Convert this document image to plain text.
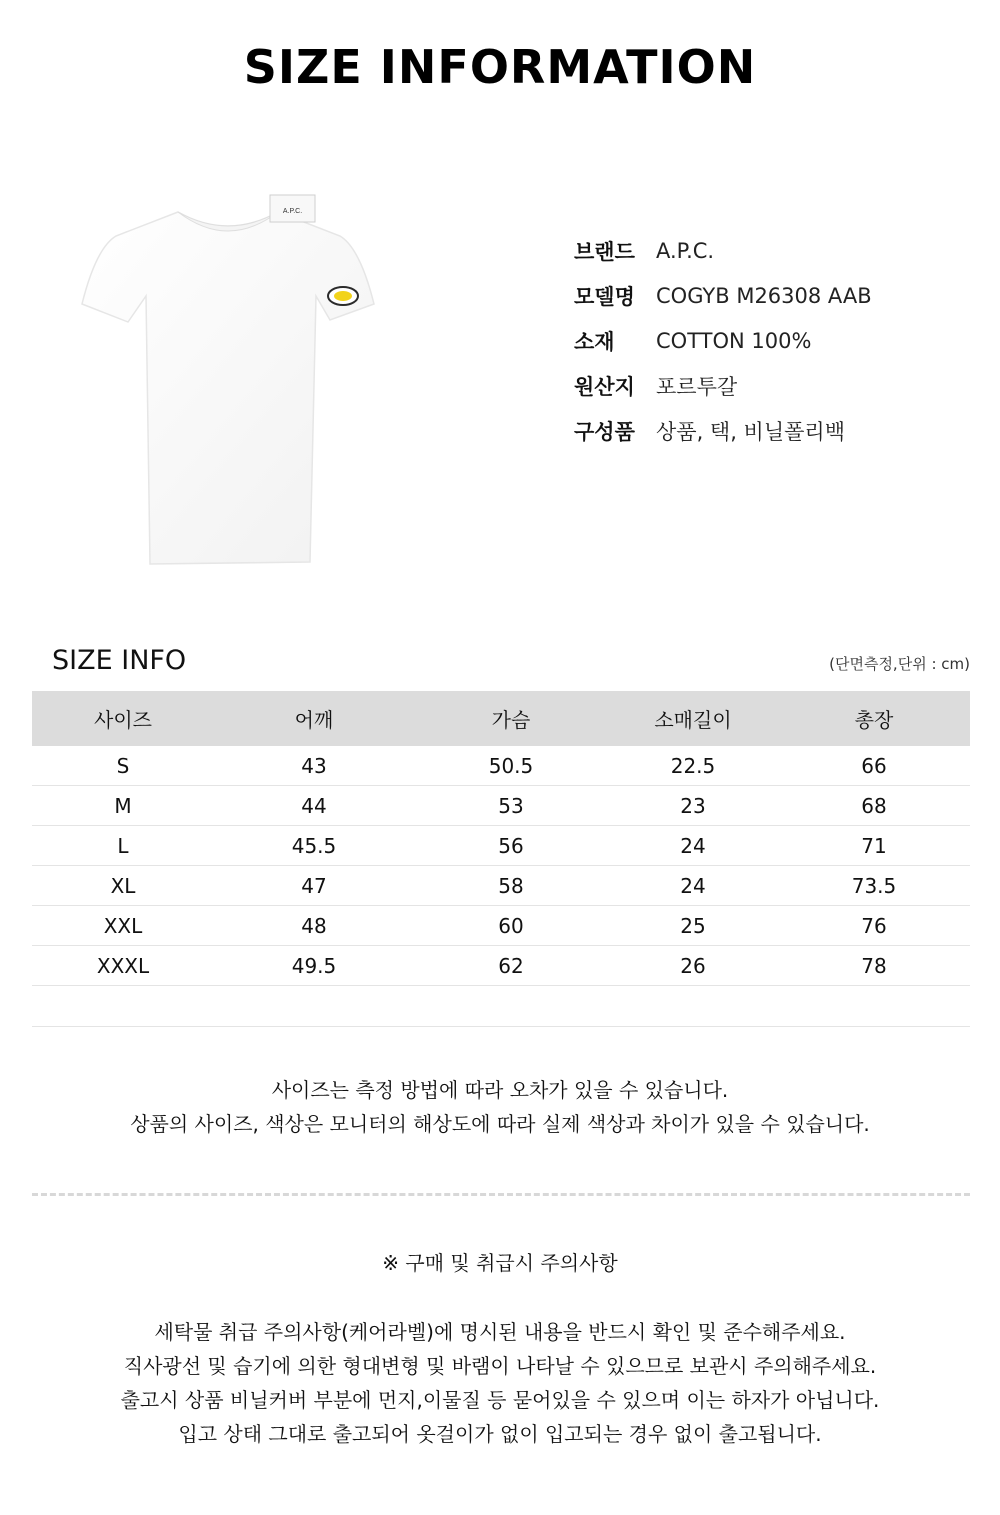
SIZE INFORMATION
A.P.C.
브랜드	A.P.C.
모델명	COGYB M26308 AAB
소재	COTTON 100%
원산지	포르투갈
구성품	상품, 택, 비닐폴리백
SIZE INFO	(단면측정,단위 : cm)
사이즈	어깨	가슴	소매길이	총장
S	43	50.5	22.5	66
M	44	53	23	68
L	45.5	56	24	71
XL	47	58	24	73.5
XXL	48	60	25	76
XXXL	49.5	62	26	78
사이즈는 측정 방법에 따라 오차가 있을 수 있습니다.
상품의 사이즈, 색상은 모니터의 해상도에 따라 실제 색상과 차이가 있을 수 있습니다.
※ 구매 및 취급시 주의사항
세탁물 취급 주의사항(케어라벨)에 명시된 내용을 반드시 확인 및 준수해주세요.
직사광선 및 습기에 의한 형대변형 및 바램이 나타날 수 있으므로 보관시 주의해주세요.
출고시 상품 비닐커버 부분에 먼지,이물질 등 묻어있을 수 있으며 이는 하자가 아닙니다.
입고 상태 그대로 출고되어 옷걸이가 없이 입고되는 경우 없이 출고됩니다.
